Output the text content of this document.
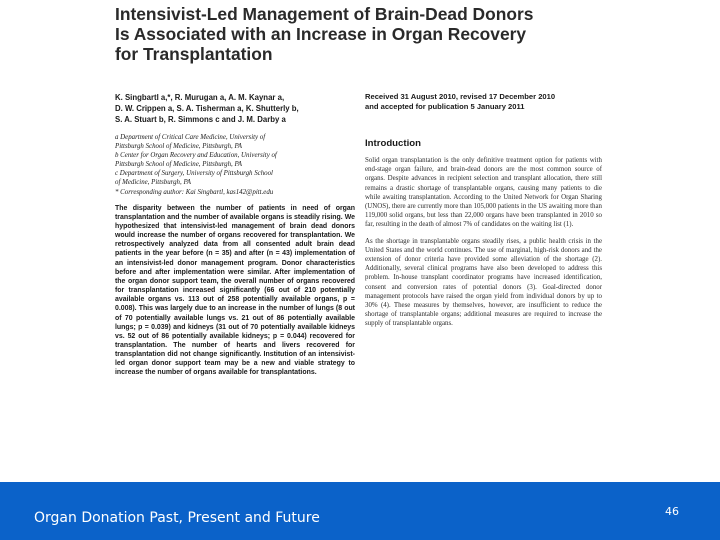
Intensivist-Led Management of Brain-Dead Donors
Is Associated with an Increase in Organ Recovery
for Transplantation

K. Singbartl a,*, R. Murugan a, A. M. Kaynar a,
D. W. Crippen a, S. A. Tisherman a, K. Shutterly b,
S. A. Stuart b, R. Simmons c and J. M. Darby a

a Department of Critical Care Medicine, University of
Pittsburgh School of Medicine, Pittsburgh, PA
b Center for Organ Recovery and Education, University of
Pittsburgh School of Medicine, Pittsburgh, PA
c Department of Surgery, University of Pittsburgh School
of Medicine, Pittsburgh, PA
* Corresponding author: Kai Singbartl, kas142@pitt.edu

The disparity between the number of patients in need of organ transplantation and the number of available organs is steadily rising. We hypothesized that intensivist-led management of brain dead donors would increase the number of organs recovered for transplantation. We retrospectively analyzed data from all consented adult brain dead patients in the year before (n = 35) and after (n = 43) implementation of an intensivist-led donor management program. Donor characteristics before and after implementation were similar. After implementation of the organ donor support team, the overall number of organs recovered for transplantation increased significantly (66 out of 210 potentially available organs vs. 113 out of 258 potentially available organs, p = 0.008). This was largely due to an increase in the number of lungs (8 out of 70 potentially available lungs vs. 21 out of 86 potentially available lungs; p = 0.039) and kidneys (31 out of 70 potentially available kidneys vs. 52 out of 86 potentially available kidneys; p = 0.044) recovered for transplantation. The number of hearts and livers recovered for transplantation did not change significantly. Institution of an intensivist-led organ donor support team may be a new and viable strategy to increase the number of organs available for transplantations.

Received 31 August 2010, revised 17 December 2010
and accepted for publication 5 January 2011

Introduction

Solid organ transplantation is the only definitive treatment option for patients with end-stage organ failure, and brain-dead donors are the most common source of organs. Despite advances in recipient selection and transplant allocation, there still remains a drastic shortage of transplantable organs, causing many patients to die while awaiting transplantation. According to the United Network for Organ Sharing (UNOS), there are currently more than 105,000 patients in the US awaiting more than 119,000 solid organs, but less than 22,000 organs have been transplanted in 2010 so far, resulting in the death of almost 7% of candidates on the waiting list (1).

As the shortage in transplantable organs steadily rises, a public health crisis in the United States and the world continues. The use of marginal, high-risk donors and the extension of donor criteria have provided some alleviation of the shortage (2). Additionally, several clinical programs have also been developed to address this problem. In-house transplant coordinator programs have increased identification, consent and conversion rates of potential donors (3). Goal-directed donor management protocols have raised the organ yield from individual donors by up to 30% (4). These measures by themselves, however, are insufficient to reduce the shortage of transplantable organs; additional measures are required to increase the supply of transplantable organs.

Organ Donation Past, Present and Future	46
